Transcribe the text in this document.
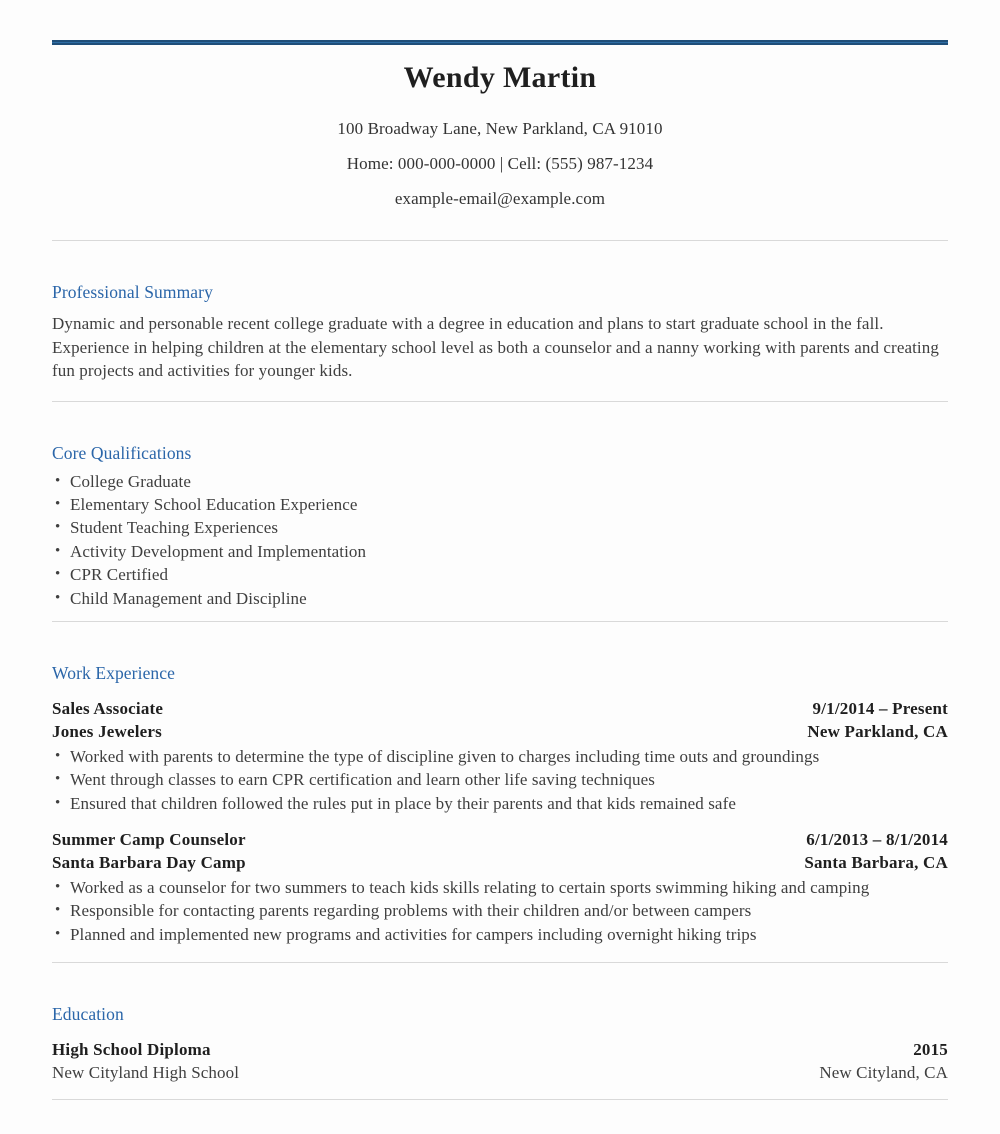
Wendy Martin

100 Broadway Lane, New Parkland, CA 91010

Home: 000-000-0000 | Cell: (555) 987-1234

example-email@example.com

Professional Summary

Dynamic and personable recent college graduate with a degree in education and plans to start graduate school in the fall. Experience in helping children at the elementary school level as both a counselor and a nanny working with parents and creating fun projects and activities for younger kids.

Core Qualifications
• College Graduate
• Elementary School Education Experience
• Student Teaching Experiences
• Activity Development and Implementation
• CPR Certified
• Child Management and Discipline
Work Experience
Sales Associate	9/1/2014 – Present
Jones Jewelers	New Parkland, CA
• Worked with parents to determine the type of discipline given to charges including time outs and groundings
• Went through classes to earn CPR certification and learn other life saving techniques
• Ensured that children followed the rules put in place by their parents and that kids remained safe
Summer Camp Counselor	6/1/2013 – 8/1/2014
Santa Barbara Day Camp	Santa Barbara, CA
• Worked as a counselor for two summers to teach kids skills relating to certain sports swimming hiking and camping
• Responsible for contacting parents regarding problems with their children and/or between campers
• Planned and implemented new programs and activities for campers including overnight hiking trips
Education
High School Diploma	2015
New Cityland High School	New Cityland, CA
